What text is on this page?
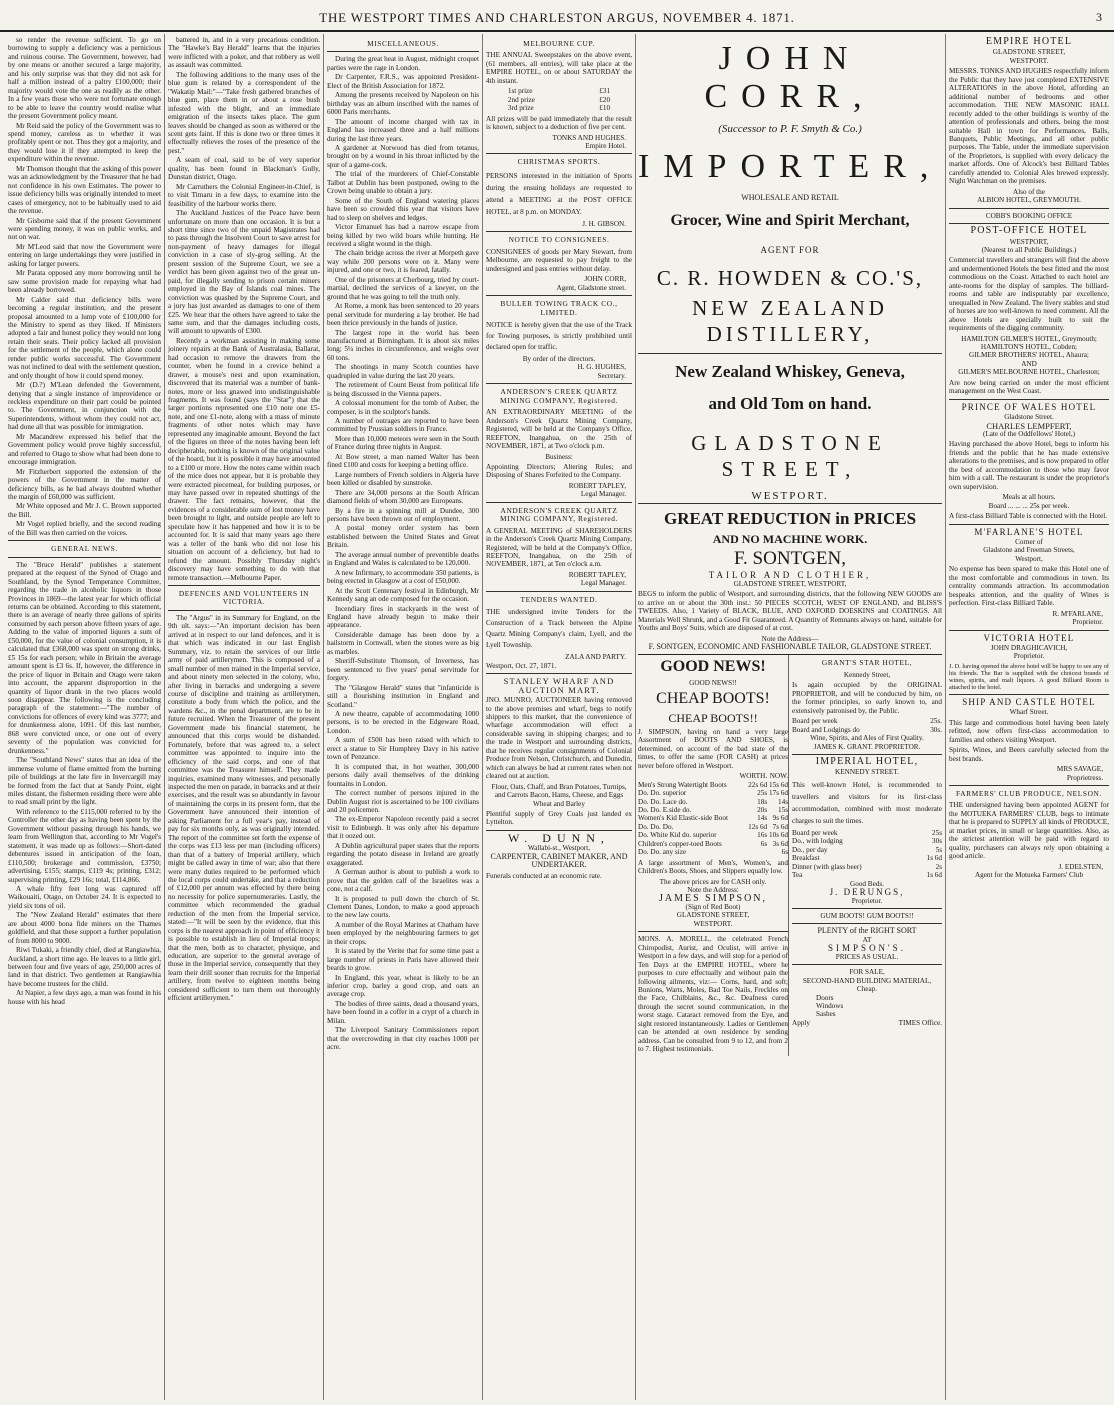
THE WESTPORT TIMES AND CHARLESTON ARGUS, NOVEMBER 4. 1871.	3

so render the revenue sufficient. To go on borrowing to supply a deficiency was a pernicious and ruinous course. The Government, however, had by one means or another secured a large majority, and his only surprise was that they did not ask for half a million instead of a paltry £100,000; their majority would vote the one as readily as the other. In a few years those who were not fortunate enough to be able to leave the country would realise what the present Government policy meant.

Mr Reid said the policy of the Government was to spend money, careless as to whether it was profitably spent or not. Thus they got a majority, and they would lose it if they attempted to keep the expenditure within the revenue.

Mr Thomson thought that the asking of this power was an acknowledgment by the Treasurer that he had not confidence in his own Estimates. The power to issue deficiency bills was originally intended to meet cases of emergency, not to be habitually used to aid the revenue.

Mr Gisborne said that if the present Government were spending money, it was on public works, and not on war.

Mr M'Leod said that now the Government were entering on large undertakings they were justified in asking for larger powers.

Mr Parata opposed any more borrowing until he saw some provision made for repaying what had been already borrowed.

Mr Calder said that deficiency bills were becoming a regular institution, and the present proposal amounted to a lump vote of £100,000 for the Ministry to spend as they liked. If Ministers adopted a fair and honest policy they would not long retain their seats. Their policy lacked all provision for the settlement of the people, which alone could render public works successful. The Government was not inclined to deal with the settlement question, and only thought of how it could spend money.

Mr (D.?) M'Lean defended the Government, denying that a single instance of improvidence or reckless expenditure on their part could be pointed to. The Government, in conjunction with the Superintendents, without whom they could not act, had done all that was possible for immigration.

Mr Macandrew expressed his belief that the Government policy would prove highly successful, and referred to Otago to show what had been done to encourage immigration.

Mr Fitzherbert supported the extension of the powers of the Government in the matter of deficiency bills, as he had always doubted whether the margin of £60,000 was sufficient.

Mr White opposed and Mr J. C. Brown supported the Bill.

Mr Vogel replied briefly, and the second reading of the Bill was then carried on the voices.

GENERAL NEWS.

The "Bruce Herald" publishes a statement prepared at the request of the Synod of Otago and Southland, by the Synod Temperance Committee, regarding the trade in alcoholic liquors in those Provinces in 1869—the latest year for which official returns can be obtained. According to this statement, there is an average of nearly three gallons of spirits consumed by each person above fifteen years of age. Adding to the value of imported liquors a sum of £50,000, for the value of colonial consumption, it is calculated that £368,000 was spent on strong drinks, £5 15s for each person; while in Britain the average amount spent is £3 6s. If, however, the difference in the price of liquor in Britain and Otago were taken into account, the apparent disproportion in the quantity of liquor drank in the two places would soon disappear. The following is the concluding paragraph of the statement:—"The number of convictions for offences of every kind was 3777; and for drunkenness alone, 1091. Of this last number, 868 were convicted once, or one out of every seventy of the population was convicted for drunkenness."

The "Southland News" states that an idea of the immense volume of flame emitted from the burning pile of buildings at the late fire in Invercargill may be formed from the fact that at Sandy Point, eight miles distant, the fishermen residing there were able to read small print by the light.

With reference to the £115,000 referred to by the Controller the other day as having been spent by the Government without passing through his hands, we learn from Wellington that, according to Mr Vogel's statement, it was made up as follows:—Short-dated debentures issued in anticipation of the loan, £110,500; brokerage and commission, £3750; advertising, £155; stamps, £119 4s; printing, £312; supervising printing, £29 16s; total, £114,866.

A whale fifty feet long was captured off Waikouaiti, Otago, on October 24. It is expected to yield six tons of oil.

The "New Zealand Herald" estimates that there are about 4000 bona fide miners on the Thames goldfield, and that these support a further population of from 8000 to 9000.

Riwi Tukaki, a friendly chief, died at Rangiawhia, Auckland, a short time ago. He leaves to a little girl, between four and five years of age, 250,000 acres of land in that district. Two gentlemen at Rangiawhia have become trustees for the child.

At Napier, a few days ago, a man was found in his house with his head

battered in, and in a very precarious condition. The "Hawke's Bay Herald" learns that the injuries were inflicted with a poker, and that robbery as well as assault was committed.

The following additions to the many uses of the blue gum is related by a correspondent of the "Wakatip Mail:"—"Take fresh gathered branches of blue gum, place them in or about a rose bush infested with the blight, and an immediate emigration of the insects takes place. The gum leaves should be changed as soon as withered or the scent gets faint. If this is done two or three times it effectually relieves the roses of the presence of the pest."

A seam of coal, said to be of very superior quality, has been found in Blackman's Gully, Dunstan district, Otago.

Mr Carruthers the Colonial Engineer-in-Chief, is to visit Timaru in a few days, to examine into the feasibility of the harbour works there.

The Auckland Justices of the Peace have been unfortunate on more than one occasion. It is but a short time since two of the unpaid Magistrates had to pass through the Insolvent Court to save arrest for non-payment of heavy damages for illegal conviction in a case of sly-grog selling. At the present session of the Supreme Court, we see a verdict has been given against two of the great un-paid, for illegally sending to prison certain miners employed in the Bay of Islands coal mines. The conviction was quashed by the Supreme Court, and a jury has just awarded as damages to one of them £25. We hear that the others have agreed to take the same sum, and that the damages including costs, will amount to upwards of £300.

Recently a workman assisting in making some joinery repairs at the Bank of Australasia, Ballarat, had occasion to remove the drawers from the counter, when he found in a crevice behind a drawer, a mouse's nest and upon examination, discovered that its material was a number of bank-notes, more or less gnawed into undistinguishable fragments. It was found (says the "Star") that the larger portions represented one £10 note one £5-note, and one £1-note, along with a mass of minute fragments of other notes which may have represented any imaginable amount. Beyond the fact of the figures on three of the notes having been left decipherable, nothing is known of the original value of the hoard, but it is possible it may have amounted to a £100 or more. How the notes came within reach of the mice does not appear, but it is probable they were extracted piecemeal, for building purposes, or may have passed over in repeated shuttings of the drawer. The fact remains, however, that the evidences of a considerable sum of lost money have been brought to light, and outside people are left to speculate how it has happened and how it is to be accounted for. It is said that many years ago there was a teller of the bank who did not lose his situation on account of a deficiency, but had to refund the amount. Possibly Thursday night's discovery may have something to do with that remote transaction.—Melbourne Paper.

DEFENCES AND VOLUNTEERS IN VICTORIA.

The "Argus" in its Summary for England, on the 9th ult. says:—"An important decision has been arrived at in respect to our land defences, and it is that which was indicated in our last English Summary, viz. to retain the services of our little army of paid artillerymen. This is composed of a small number of men trained in the Imperial service, and about ninety men selected in the colony, who, after living in barracks and undergoing a severe course of discipline and training as artillerymen, constitute a body from which the police, and the wardens &c., in the penal department, are to be in future recruited. When the Treasurer of the present Government made his financial statement, he announced that this corps would be disbanded. Fortunately, before that was agreed to, a select committee was appointed to inquire into the efficiency of the said corps, and one of that committee was the Treasurer himself. They made inquiries, examined many witnesses, and personally inspected the men on parade, in barracks and at their exercises, and the result was so abundantly in favour of maintaining the corps in its present form, that the Government have announced their intention of asking Parliament for a full year's pay, instead of pay for six months only, as was originally intended. The report of the committee set forth the expense of the corps was £13 less per man (including officers) than that of a battery of Imperial artillery, which might be called away in time of war; also that there were many duties required to be performed which the local corps could undertake, and that a reduction of £12,000 per annum was effected by there being no necessity for police supernumeraries. Lastly, the committee which recommended the gradual reduction of the men from the Imperial service, stated:—"It will be seen by the evidence, that this corps is the nearest approach in point of efficiency it is possible to establish in lieu of Imperial troops; that the men, both as to character, physique, and education, are superior to the general average of those in the Imperial service, consequently that they learn their drill sooner than recruits for the Imperial artillery, from twelve to eighteen months being considered sufficient to turn them out thoroughly efficient artillerymen."

MISCELLANEOUS.

During the great heat in August, midnight croquet parties were the rage in London.

Dr Carpenter, F.R.S., was appointed President-Elect of the British Association for 1872.

Among the presents received by Napoleon on his birthday was an album inscribed with the names of 6000 Paris merchants.

The amount of income charged with tax in England has increased three and a half millions during the last three years.

A gardener at Norwood has died from tetanus, brought on by a wound in his throat inflicted by the spur of a game-cock.

The trial of the murderers of Chief-Constable Talbot at Dublin has been postponed, owing to the Crown being unable to obtain a jury.

Some of the South of England watering places have been so crowded this year that visitors have had to sleep on shelves and ledges.

Victor Emanuel has had a narrow escape from being killed by two wild boars while hunting. He received a slight wound in the thigh.

The chain bridge across the river at Morpeth gave way while 200 persons were on it. Many were injured, and one or two, it is feared, fatally.

One of the prisoners at Cherbourg, tried by court-martial, declined the services of a lawyer, on the ground that he was going to tell the truth only.

At Rome, a monk has been sentenced to 20 years penal servitude for murdering a lay brother. He had been thrice previously in the hands of justice.

The largest rope in the world has been manufactured at Birmingham. It is about six miles long; 5¼ inches in circumference, and weighs over 60 tons.

The shootings in many Scotch counties have quadrupled in value during the last 20 years.

The retirement of Count Beust from political life is being discussed in the Vienna papers.

A colossal monument for the tomb of Auber, the composer, is in the sculptor's hands.

A number of outrages are reported to have been committed by Prussian soldiers in France.

More than 10,000 meteors were seen in the South of France during three nights in August.

At Bow street, a man named Walter has been fined £100 and costs for keeping a betting office.

Large numbers of French soldiers in Algeria have been killed or disabled by sunstroke.

There are 34,000 persons at the South African diamond fields of whom 30,000 are Europeans.

By a fire in a spinning mill at Dundee, 300 persons have been thrown out of employment.

A postal money order system has been established between the United States and Great Britain.

The average annual number of preventible deaths in England and Wales is calculated to be 120,000.

A new Infirmary, to accommodate 350 patients, is being erected in Glasgow at a cost of £50,000.

At the Scott Centenary festival in Edinburgh, Mr Kennedy sang an ode composed for the occasion.

Incendiary fires in stackyards in the west of England have already begun to make their appearance.

Considerable damage has been done by a hailstorm in Cornwall, when the stones were as big as marbles.

Sheriff-Substitute Thomson, of Inverness, has been sentenced to five years' penal servitude for forgery.

The "Glasgow Herald" states that "infanticide is still a flourishing institution in England and Scotland."

A new theatre, capable of accommodating 1000 persons, is to be erected in the Edgeware Road, London.

A sum of £500 has been raised with which to erect a statue to Sir Humphrey Davy in his native town of Penzance.

It is computed that, in hot weather, 300,000 persons daily avail themselves of the drinking fountains in London.

The correct number of persons injured in the Dublin August riot is ascertained to be 100 civilians and 20 policemen.

The ex-Emperor Napoleon recently paid a secret visit to Edinburgh. It was only after his departure that it oozed out.

A Dublin agricultural paper states that the reports regarding the potato disease in Ireland are greatly exaggerated.

A German author is about to publish a work to prove that the golden calf of the Israelites was a cone, not a calf.

It is proposed to pull down the church of St. Clement Danes, London, to make a good approach to the new law courts.

A number of the Royal Marines at Chatham have been employed by the neighbouring farmers to get in their crops.

It is stated by the Verite that for some time past a large number of priests in Paris have allowed their beards to grow.

In England, this year, wheat is likely to be an inferior crop, barley a good crop, and oats an average crop.

The bodies of three saints, dead a thousand years, have been found in a coffer in a crypt of a church in Milan.

The Liverpool Sanitary Commissioners report that the overcrowding in that city reaches 1000 per acre.

MELBOURNE CUP.

THE ANNUAL Sweepstakes on the above event, (61 members, all entries), will take place at the EMPIRE HOTEL, on or about SATURDAY the 4th instant.

1st prize	£31
2nd prize	£20
3rd prize	£10

All prizes will be paid immediately that the result is known, subject to a deduction of five per cent.

TONKS AND HUGHES.
Empire Hotel.
CHRISTMAS SPORTS.

PERSONS interested in the initiation of Sports during the ensuing holidays are requested to attend a MEETING at the POST OFFICE HOTEL, at 8 p.m. on MONDAY.

J. H. GIBSON.
NOTICE TO CONSIGNEES.

CONSIGNEES of goods per Mary Stewart, from Melbourne, are requested to pay freight to the undersigned and pass entries without delay.

JOHN CORR,
Agent, Gladstone street.
BULLER TOWING TRACK CO., LIMITED.

NOTICE is hereby given that the use of the Track for Towing purposes, is strictly prohibited until declared open for traffic.

By order of the directors.
H. G. HUGHES,
Secretary.
ANDERSON'S CREEK QUARTZ MINING COMPANY, Registered.

AN EXTRAORDINARY MEETING of the Anderson's Creek Quartz Mining Company, Registered, will be held at the Company's Office, REEFTON, Inangahua, on the 25th of NOVEMBER, 1871, at Two o'clock p.m.

Business:

Appointing Directors; Altering Rules; and Disposing of Shares Forfeited to the Company.

ROBERT TAPLEY,
Legal Manager.
ANDERSON'S CREEK QUARTZ MINING COMPANY, Registered.

A GENERAL MEETING of SHAREHOLDERS in the Anderson's Creek Quartz Mining Company, Registered, will be held at the Company's Office, REEFTON, Inangahua, on the 25th of NOVEMBER, 1871, at Ten o'clock a.m.

ROBERT TAPLEY,
Legal Manager.
TENDERS WANTED.

THE undersigned invite Tenders for the Construction of a Track between the Alpine Quartz Mining Company's claim, Lyell, and the Lyell Township.

ZALA AND PARTY.
Westport, Oct. 27, 1871.
STANLEY WHARF AND AUCTION MART.

JNO. MUNRO, AUCTIONEER having removed to the above premises and wharf, begs to notify shippers to this market, that the convenience of wharfage accommodation will effect a considerable saving in shipping charges; and to the trade in Westport and surrounding districts, that he receives regular consignments of Colonial Produce from Nelson, Christchurch, and Dunedin, which can always be had at current rates when not cleared out at auction.

Flour, Oats, Chaff, and Bran Potatoes, Turnips, and Carrots Bacon, Hams, Cheese, and Eggs Wheat and Barley

Plentiful supply of Grey Coals just landed ex Lyttelton.

W. DUNN,
Wallabi-st., Westport,
CARPENTER, CABINET MAKER, AND UNDERTAKER.

Funerals conducted at an economic rate.

JOHN CORR,
(Successor to P. F. Smyth & Co.)
IMPORTER,
WHOLESALE AND RETAIL
Grocer, Wine and Spirit Merchant,
AGENT FOR
C. R. HOWDEN & CO.'S,
NEW ZEALAND DISTILLERY,
New Zealand Whiskey, Geneva,
and Old Tom on hand.
GLADSTONE STREET,
WESTPORT.
GREAT REDUCTION in PRICES
AND NO MACHINE WORK.
F. SONTGEN,
TAILOR AND CLOTHIER,
GLADSTONE STREET, WESTPORT,

BEGS to inform the public of Westport, and surrounding districts, that the following NEW GOODS are to arrive on or about the 30th inst.: 50 PIECES SCOTCH, WEST OF ENGLAND, and BLISS'S TWEEDS. Also, 1 Variety of BLACK, BLUE, AND OXFORD DOESKINS and COATINGS. All Materials Well Shrunk, and a Good Fit Guaranteed. A Quantity of Remnants always on hand, suitable for Youths and Boys' Suits, which are disposed of at cost.

Note the Address—
F. SONTGEN, ECONOMIC AND FASHIONABLE TAILOR, GLADSTONE STREET.
GOOD NEWS!
GOOD NEWS!!
CHEAP BOOTS!
CHEAP BOOTS!!

J. SIMPSON, having on hand a very large Assortment of BOOTS AND SHOES, is determined, on account of the bad state of the times, to offer the same (FOR CASH) at prices never before offered in Westport.

	WORTH.	NOW.
Men's Strong Watertight Boots	22s 6d	15s 6d
Do. Do. superior	25s	17s 6d
Do. Do. Lace do.	18s	14s
Do. Do. E.side do.	20s	15s
Women's Kid Elastic-side Boot	14s	9s 6d
Do. Do. Do.	12s 6d	7s 6d
Do. White Kid do. superior	16s	10s 6d
Children's copper-toed Boots	6s	3s 6d
Do. Do. any size		6s

A large assortment of Men's, Women's, and Children's Boots, Shoes, and Slippers equally low.

The above prices are for CASH only.
Note the Address:
JAMES SIMPSON,
(Sign of Red Boot)
GLADSTONE STREET,
WESTPORT.

MONS. A. MORELL, the celebrated French Chiropodist, Aurist, and Oculist, will arrive in Westport in a few days, and will stop for a period of Ten Days at the EMPIRE HOTEL, where he purposes to cure effectually and without pain the following ailments, viz:— Corns, hard, and soft; Bunions, Warts, Moles, Bad Toe Nails, Freckles on the Face, Chilblains, &c., &c. Deafness cured through the secret sound communication, in the worst stage. Cataract removed from the Eye, and sight restored instantaneously. Ladies or Gentlemen can be attended at own residence by sending address. Can be consulted from 9 to 12, and from 2 to 7. Highest testimonials.

GRANT'S STAR HOTEL,
Kennedy Street,

Is again occupied by the ORIGINAL PROPRIETOR, and will be conducted by him, on the former principles, so early known to, and extensively patronised by, the Public.

Board per week	25s.
Board and Lodgings do	30s.
Wine, Spirits, and Ales of First Quality.
JAMES K. GRANT. PROPRIETOR.
IMPERIAL HOTEL,
KENNEDY STREET.

This well-known Hotel, is recommended to travellers and visitors for its first-class accommodation, combined with most moderate charges to suit the times.

Board per week	25s
Do., with lodging	30s
Do., per day	5s
Breakfast	1s 6d
Dinner (with glass beer)	2s
Tea	1s 6d
Good Beds.
J. DERUNGS,
Proprietor.
GUM BOOTS! GUM BOOTS!!
PLENTY of the RIGHT SORT
AT
SIMPSON'S.
PRICES AS USUAL.
FOR SALE,
SECOND-HAND BUILDING MATERIAL, Cheap.
Doors
Windows
Sashes
Apply	TIMES Office.
EMPIRE HOTEL
GLADSTONE STREET,
WESTPORT.

MESSRS. TONKS AND HUGHES respectfully inform the Public that they have just completed EXTENSIVE ALTERATIONS in the above Hotel, affording an additional number of bedrooms and other accommodation. THE NEW MASONIC HALL recently added to the other buildings is worthy of the attention of professionals and others, being the most suitable Hall in town for Performances, Balls, Banquets, Public Meetings, and all other public purposes. The Table, under the immediate supervision of the Proprietors, is supplied with every delicacy the market affords. One of Alcock's best Billiard Tables carefully attended to. Colonial Ales brewed expressly. Night Watchman on the premises.

Also of the
ALBION HOTEL, GREYMOUTH.
COBB'S BOOKING OFFICE
POST-OFFICE HOTEL
WESTPORT,
(Nearest to all Public Buildings.)

Commercial travellers and strangers will find the above and undermentioned Hotels the best fitted and the most commodious on the Coast. Attached to each hotel are ante-rooms for the display of samples. The billiard-rooms and table are indisputably par excellence, unequalled in New Zealand. The livery stables and stud of horses are too well-known to need comment. All the above Hotels are specially built to suit the requirements of the digging community.

HAMILTON GILMER'S HOTEL, Greymouth;
HAMILTON'S HOTEL, Cobden;
GILMER BROTHERS' HOTEL, Ahaura;
AND
GILMER'S MELBOURNE HOTEL, Charleston;

Are now being carried on under the most efficient management on the West Coast.

PRINCE OF WALES HOTEL
Gladstone Street.
CHARLES LEMPFERT,
(Late of the Oddfellows' Hotel,)

Having purchased the above Hotel, begs to inform his friends and the public that he has made extensive alterations to the premises, and is now prepared to offer the best of accommodation to those who may favor him with a call. The restaurant is under the proprietor's own supervision.

Meals at all hours.
Board ... ... ... 25s per week.

A first-class Billiard Table is connected with the Hotel.

M'FARLANE'S HOTEL
Corner of
Gladstone and Freeman Streets,
Westport,

No expense has been spared to make this Hotel one of the most comfortable and commodious in town. Its centrality commands attraction. Its accommodation bespeaks attention, and the quality of Wines is perfection. First-class Billiard Table.

R. M'FARLANE,
Proprietor.
VICTORIA HOTEL
JOHN DRAGHICAVICH,
Proprietor.

J. D. having opened the above hotel will be happy to see any of his friends. The Bar is supplied with the choicest brands of wines, spirits, and malt liquors. A good Billiard Room is attached to the hotel.

SHIP AND CASTLE HOTEL
Wharf Street.

This large and commodious hotel having been lately refitted, now offers first-class accommodation to families and others visiting Westport.

Spirits, Wines, and Beers carefully selected from the best brands.

MRS SAVAGE,
Proprietress.
FARMERS' CLUB PRODUCE, NELSON.

THE undersigned having been appointed AGENT for the MOTUEKA FARMERS' CLUB, begs to intimate that he is prepared to SUPPLY all kinds of PRODUCE, at market prices, in small or large quantities. Also, as the strictest attention will be paid with regard to quality, purchasers can always rely upon obtaining a good article.

J. EDELSTEN,
Agent for the Motueka Farmers' Club
